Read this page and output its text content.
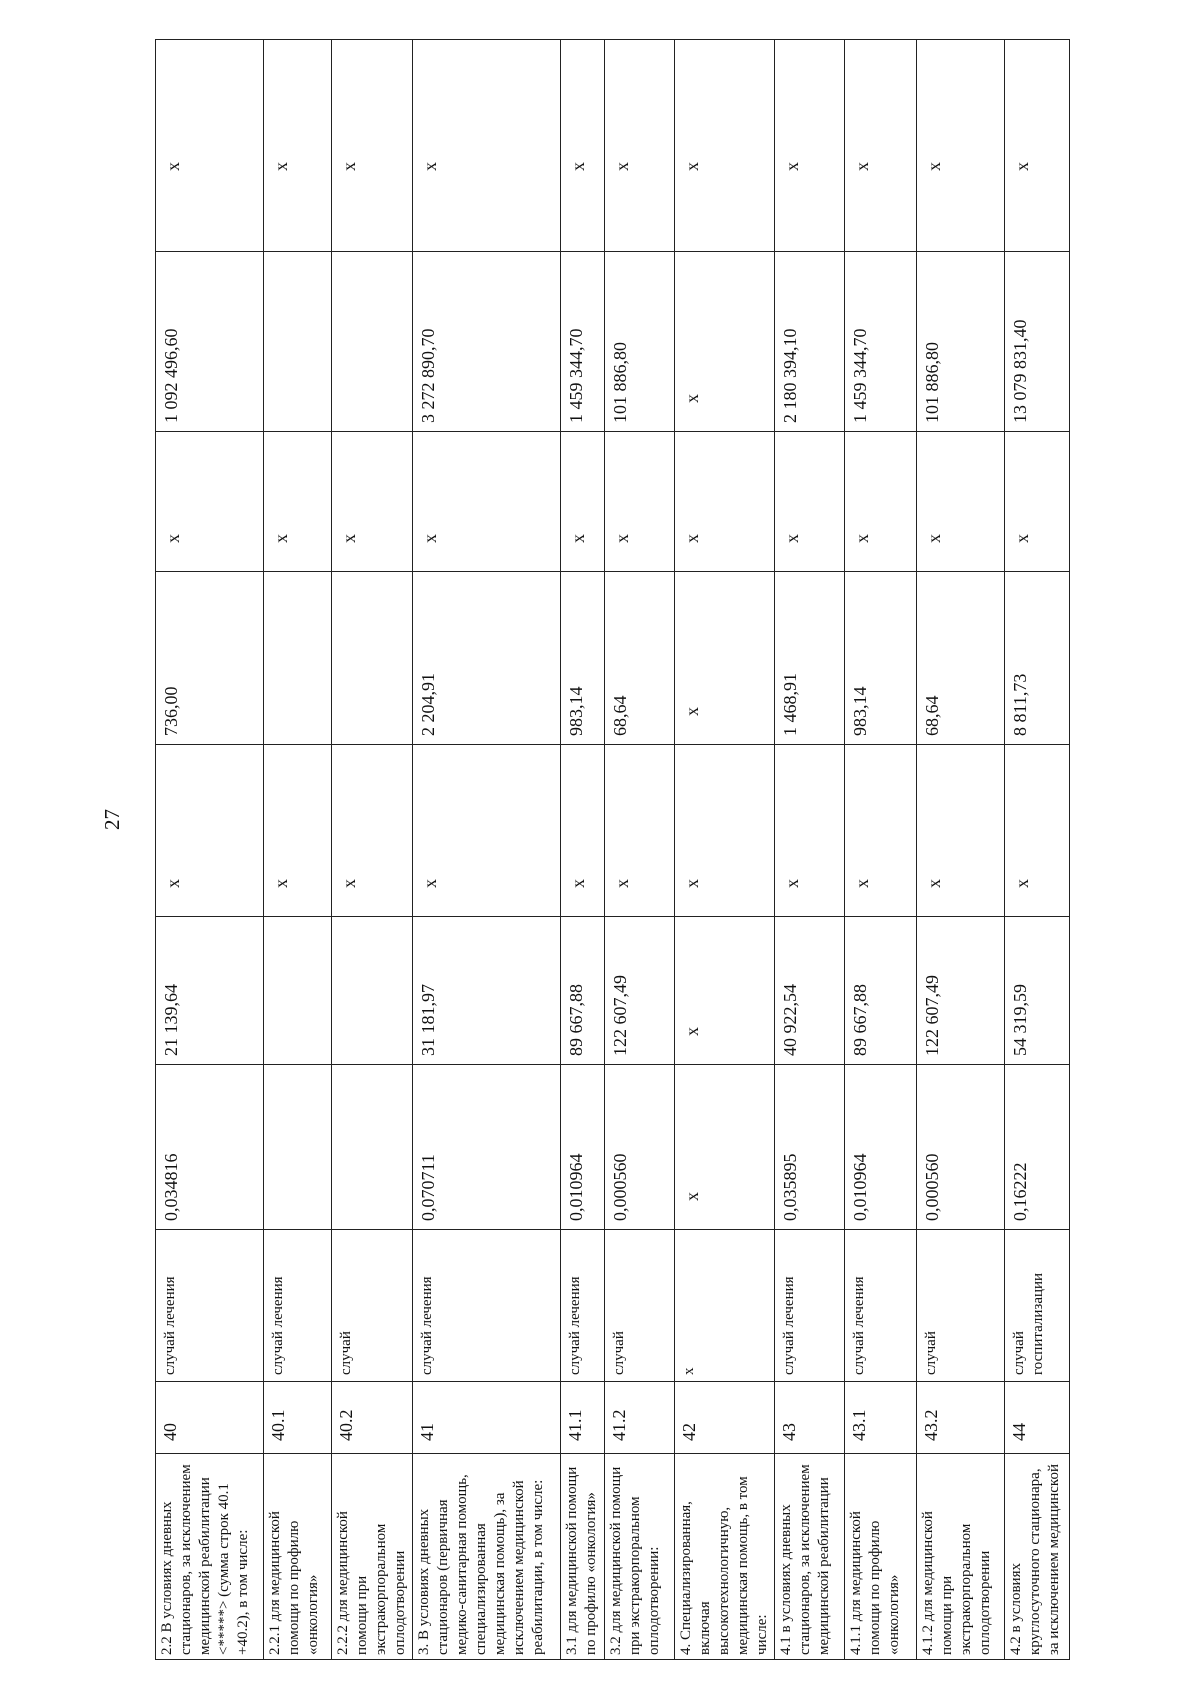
27
2.2 В условиях дневных стационаров, за исключением медицинской реабилитации <*****> (сумма строк 40.1 +40.2), в том числе:	40	случай лечения	0,034816	21 139,64	x	736,00	x	1 092 496,60	x
2.2.1 для медицинской помощи по профилю «онкология»	40.1	случай лечения			x		x		x
2.2.2 для медицинской помощи при экстракорпоральном оплодотворении	40.2	случай			x		x		x
3. В условиях дневных стационаров (первичная медико-санитарная помощь, специализированная медицинская помощь), за исключением медицинской реабилитации, в том числе:	41	случай лечения	0,070711	31 181,97	x	2 204,91	x	3 272 890,70	x
3.1 для медицинской помощи по профилю «онкология»	41.1	случай лечения	0,010964	89 667,88	x	983,14	x	1 459 344,70	x
3.2 для медицинской помощи при экстракорпоральном оплодотворении:	41.2	случай	0,000560	122 607,49	x	68,64	x	101 886,80	x
4. Специализированная, включая высокотехнологичную, медицинская помощь, в том числе:	42	x	x	x	x	x	x	x	x
4.1 в условиях дневных стационаров, за исключением медицинской реабилитации	43	случай лечения	0,035895	40 922,54	x	1 468,91	x	2 180 394,10	x
4.1.1 для медицинской помощи по профилю «онкология»	43.1	случай лечения	0,010964	89 667,88	x	983,14	x	1 459 344,70	x
4.1.2 для медицинской помощи при экстракорпоральном оплодотворении	43.2	случай	0,000560	122 607,49	x	68,64	x	101 886,80	x
4.2 в условиях круглосуточного стационара, за исключением медицинской	44	случай госпитализации	0,16222	54 319,59	x	8 811,73	x	13 079 831,40	x
